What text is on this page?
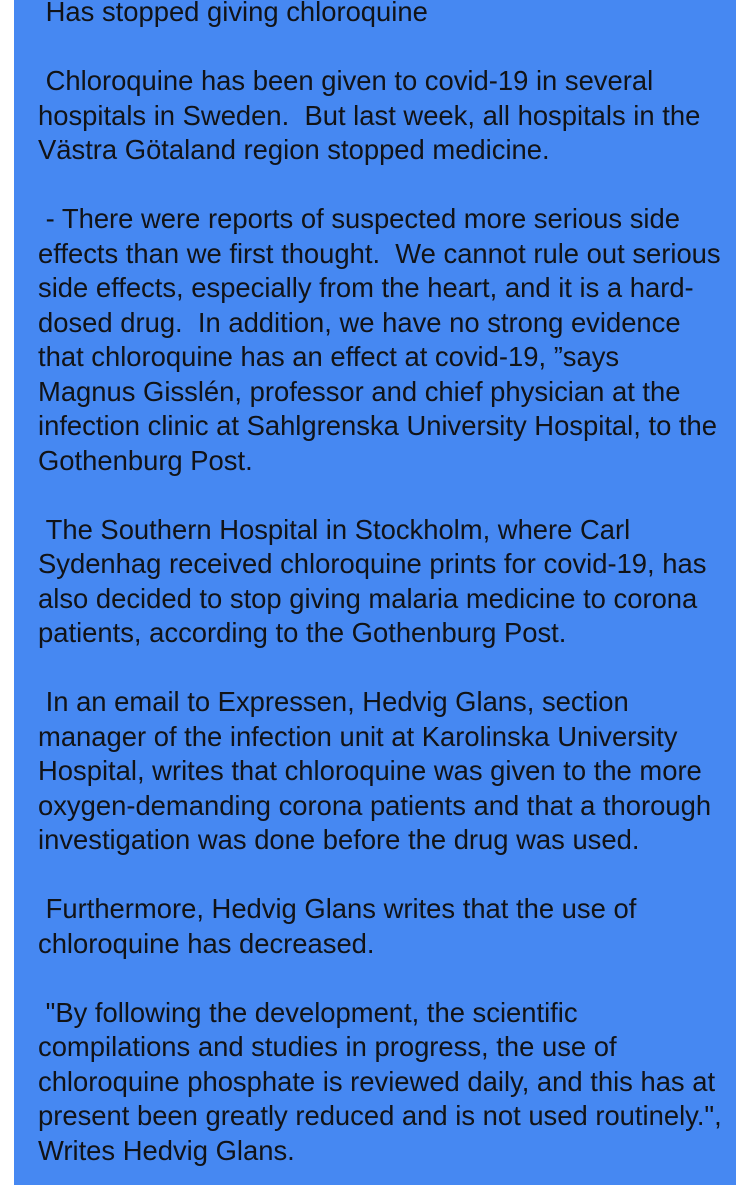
Has stopped giving chloroquine

Chloroquine has been given to covid-19 in several hospitals in Sweden.  But last week, all hospitals in the Västra Götaland region stopped medicine.

- There were reports of suspected more serious side effects than we first thought.  We cannot rule out serious side effects, especially from the heart, and it is a hard-dosed drug.  In addition, we have no strong evidence that chloroquine has an effect at covid-19, ”says Magnus Gisslén, professor and chief physician at the infection clinic at Sahlgrenska University Hospital, to the Gothenburg Post.

The Southern Hospital in Stockholm, where Carl Sydenhag received chloroquine prints for covid-19, has also decided to stop giving malaria medicine to corona patients, according to the Gothenburg Post.

In an email to Expressen, Hedvig Glans, section manager of the infection unit at Karolinska University Hospital, writes that chloroquine was given to the more oxygen-demanding corona patients and that a thorough investigation was done before the drug was used.

Furthermore, Hedvig Glans writes that the use of chloroquine has decreased.

"By following the development, the scientific compilations and studies in progress, the use of chloroquine phosphate is reviewed daily, and this has at present been greatly reduced and is not used routinely.", Writes Hedvig Glans.
